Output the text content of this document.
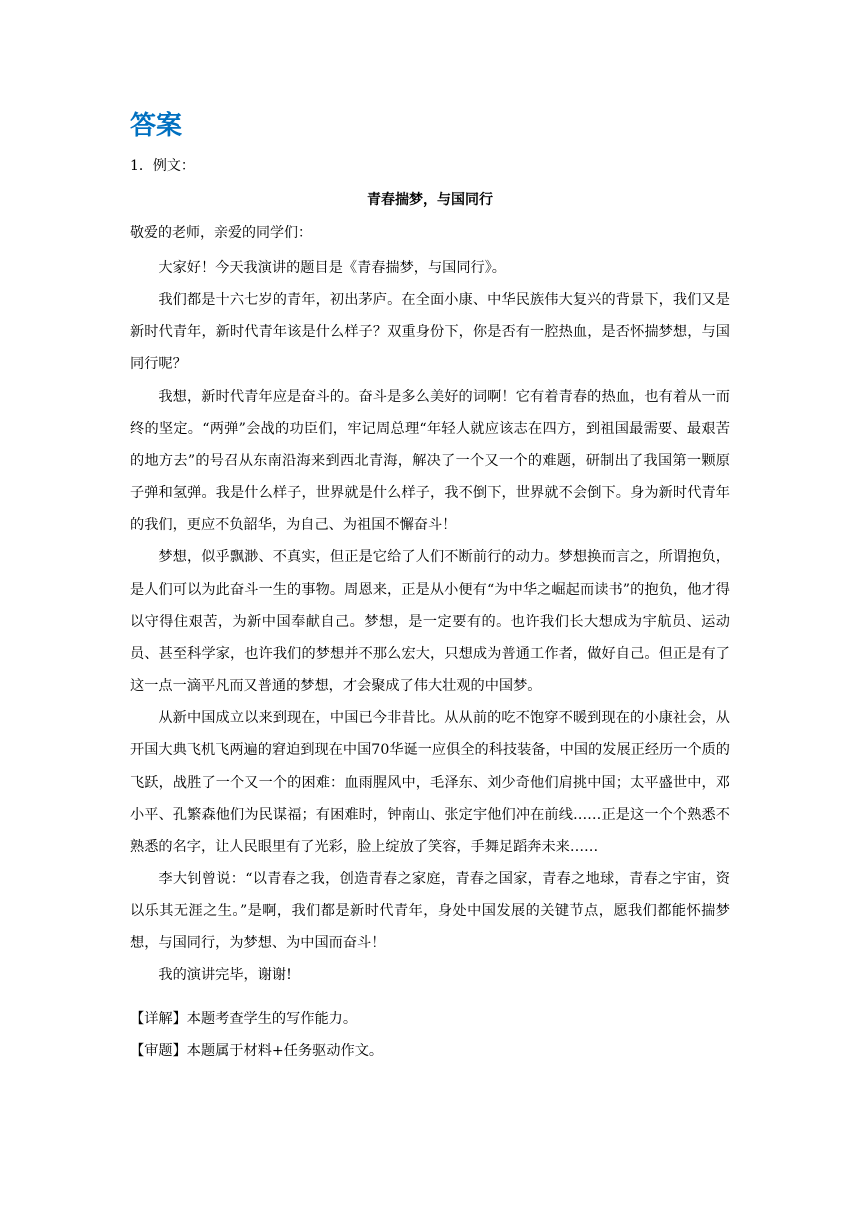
答案
1．例文：
青春揣梦，与国同行
敬爱的老师，亲爱的同学们：

大家好！今天我演讲的题目是《青春揣梦，与国同行》。

我们都是十六七岁的青年，初出茅庐。在全面小康、中华民族伟大复兴的背景下，我们又是新时代青年，新时代青年该是什么样子？双重身份下，你是否有一腔热血，是否怀揣梦想，与国同行呢？

我想，新时代青年应是奋斗的。奋斗是多么美好的词啊！它有着青春的热血，也有着从一而终的坚定。“两弹”会战的功臣们，牢记周总理“年轻人就应该志在四方，到祖国最需要、最艰苦的地方去”的号召从东南沿海来到西北青海，解决了一个又一个的难题，研制出了我国第一颗原子弹和氢弹。我是什么样子，世界就是什么样子，我不倒下，世界就不会倒下。身为新时代青年的我们，更应不负韶华，为自己、为祖国不懈奋斗！

梦想，似乎飘渺、不真实，但正是它给了人们不断前行的动力。梦想换而言之，所谓抱负，是人们可以为此奋斗一生的事物。周恩来，正是从小便有“为中华之崛起而读书”的抱负，他才得以守得住艰苦，为新中国奉献自己。梦想，是一定要有的。也许我们长大想成为宇航员、运动员、甚至科学家，也许我们的梦想并不那么宏大，只想成为普通工作者，做好自己。但正是有了这一点一滴平凡而又普通的梦想，才会聚成了伟大壮观的中国梦。

从新中国成立以来到现在，中国已今非昔比。从从前的吃不饱穿不暖到现在的小康社会，从开国大典飞机飞两遍的窘迫到现在中国70华诞一应俱全的科技装备，中国的发展正经历一个质的飞跃，战胜了一个又一个的困难：血雨腥风中，毛泽东、刘少奇他们肩挑中国；太平盛世中，邓小平、孔繁森他们为民谋福；有困难时，钟南山、张定宇他们冲在前线……正是这一个个熟悉不熟悉的名字，让人民眼里有了光彩，脸上绽放了笑容，手舞足蹈奔未来……

李大钊曾说：“以青春之我，创造青春之家庭，青春之国家，青春之地球，青春之宇宙，资以乐其无涯之生。”是啊，我们都是新时代青年，身处中国发展的关键节点，愿我们都能怀揣梦想，与国同行，为梦想、为中国而奋斗！

我的演讲完毕，谢谢!

【详解】本题考查学生的写作能力。
【审题】本题属于材料+任务驱动作文。
